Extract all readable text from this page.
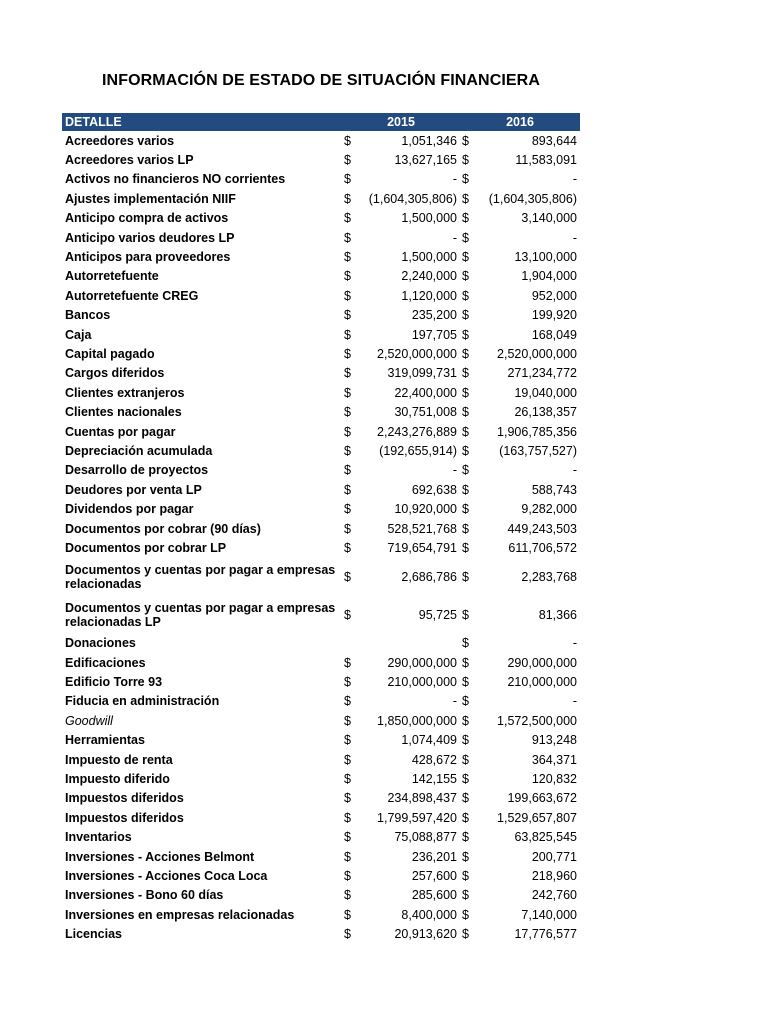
INFORMACIÓN DE ESTADO DE SITUACIÓN FINANCIERA
DETALLE	2015		2016	
Acreedores varios	$	1,051,346	$	893,644
Acreedores varios LP	$	13,627,165	$	11,583,091
Activos no financieros NO corrientes	$	-	$	-
Ajustes implementación NIIF	$	(1,604,305,806)	$	(1,604,305,806)
Anticipo compra de activos	$	1,500,000	$	3,140,000
Anticipo varios deudores LP	$	-	$	-
Anticipos para proveedores	$	1,500,000	$	13,100,000
Autorretefuente	$	2,240,000	$	1,904,000
Autorretefuente CREG	$	1,120,000	$	952,000
Bancos	$	235,200	$	199,920
Caja	$	197,705	$	168,049
Capital pagado	$	2,520,000,000	$	2,520,000,000
Cargos diferidos	$	319,099,731	$	271,234,772
Clientes extranjeros	$	22,400,000	$	19,040,000
Clientes nacionales	$	30,751,008	$	26,138,357
Cuentas por pagar	$	2,243,276,889	$	1,906,785,356
Depreciación acumulada	$	(192,655,914)	$	(163,757,527)
Desarrollo de proyectos	$	-	$	-
Deudores por venta LP	$	692,638	$	588,743
Dividendos por pagar	$	10,920,000	$	9,282,000
Documentos por cobrar (90 días)	$	528,521,768	$	449,243,503
Documentos por cobrar LP	$	719,654,791	$	611,706,572
Documentos y cuentas por pagar a empresas relacionadas	$	2,686,786	$	2,283,768
Documentos y cuentas por pagar a empresas relacionadas LP	$	95,725	$	81,366
Donaciones			$	-
Edificaciones	$	290,000,000	$	290,000,000
Edificio Torre 93	$	210,000,000	$	210,000,000
Fiducia en administración	$	-	$	-
Goodwill	$	1,850,000,000	$	1,572,500,000
Herramientas	$	1,074,409	$	913,248
Impuesto de renta	$	428,672	$	364,371
Impuesto diferido	$	142,155	$	120,832
Impuestos diferidos	$	234,898,437	$	199,663,672
Impuestos diferidos	$	1,799,597,420	$	1,529,657,807
Inventarios	$	75,088,877	$	63,825,545
Inversiones - Acciones Belmont	$	236,201	$	200,771
Inversiones - Acciones Coca Loca	$	257,600	$	218,960
Inversiones - Bono 60 días	$	285,600	$	242,760
Inversiones en empresas relacionadas	$	8,400,000	$	7,140,000
Licencias	$	20,913,620	$	17,776,577
